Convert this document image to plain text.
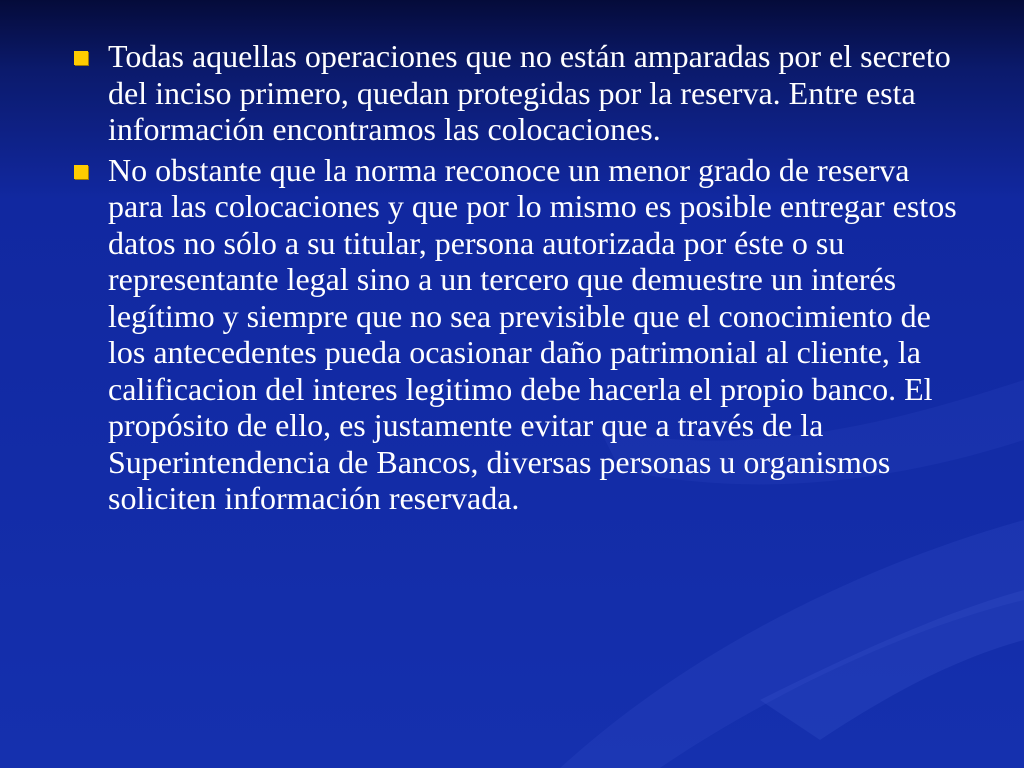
Todas aquellas operaciones que no están amparadas por el secreto del inciso primero, quedan protegidas por la reserva. Entre esta información encontramos las colocaciones.
No obstante que la norma reconoce un menor grado de reserva para las colocaciones y que por lo mismo es posible entregar estos datos no sólo a su titular, persona autorizada por éste o su representante legal sino a un tercero que demuestre un interés legítimo y siempre que no sea previsible que el conocimiento de los antecedentes pueda ocasionar daño patrimonial al cliente, la calificacion del interes legitimo debe hacerla el propio banco. El propósito de ello, es justamente evitar que a través de la Superintendencia de Bancos, diversas personas u organismos soliciten información reservada.
